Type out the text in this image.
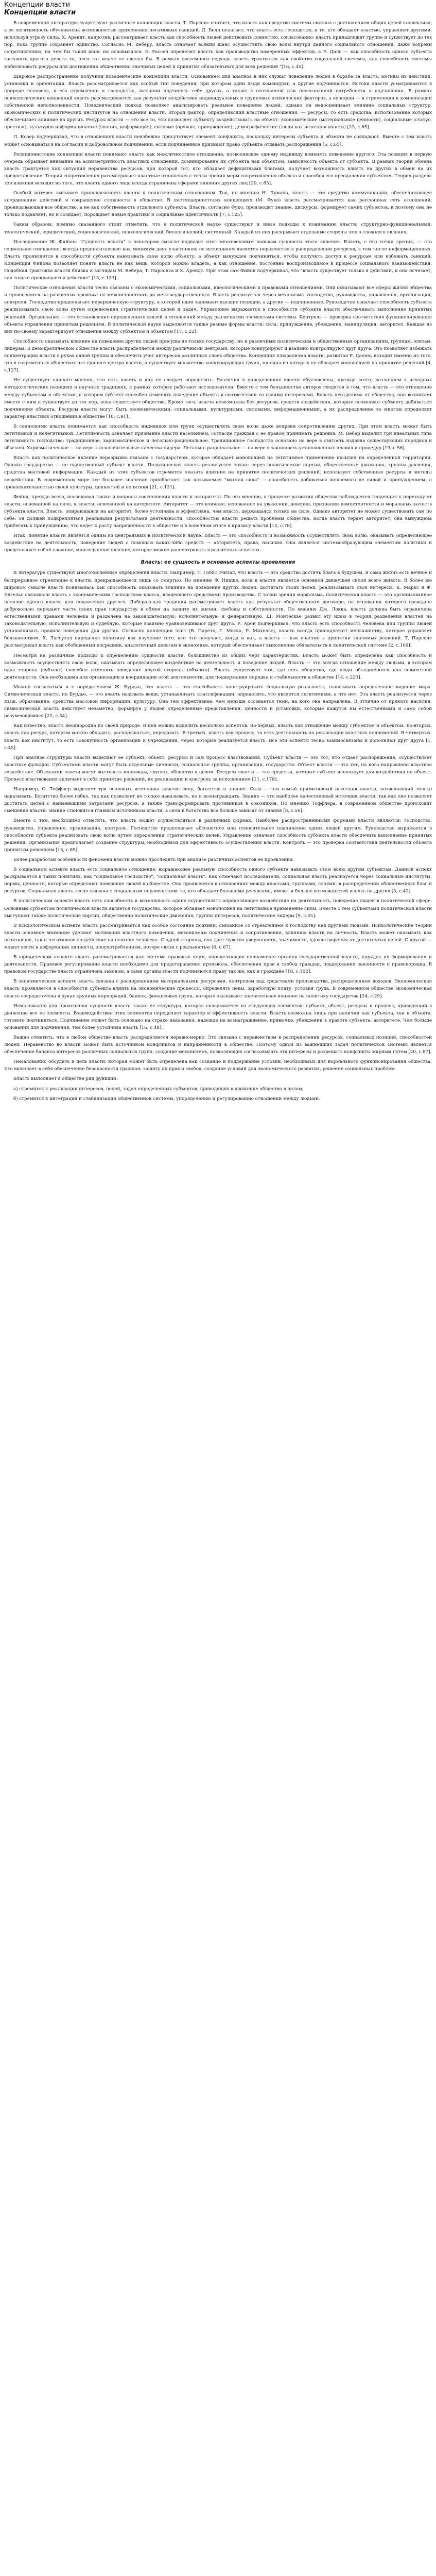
Концепции власти
Концепции власти

В современной литературе существуют различные концепции власти. Т. Парсонс считает, что власть как средство системы связана с достижением общих целей коллектива, а ее легитимность обусловлена возможностью применения негативных санкций. Д. Белл полагает, что власть есть господство, и те, кто обладает властью, управляют другими, используя угрозу силы. Х. Арендт, напротив, рассматривает власть как способность людей действовать совместно, согласованно; власть принадлежит группе и существует до тех пор, пока группа сохраняет единство. Согласно М. Веберу, власть означает всякий шанс осуществить свою волю внутри данного социального отношения, даже вопреки сопротивлению, на чем бы такой шанс ни основывался. Б. Рассел определял власть как производство намеренных эффектов, а Р. Даль — как способность одного субъекта заставить другого делать то, чего тот иначе не сделал бы. В рамках системного подхода власть трактуется как свойство социальной системы, как способность системы мобилизовать ресурсы для достижения общественно значимых целей и принятия обязательных для всех решений "[16, с.45].

Широкое распространение получили поведенческие концепции власти. Основанием для анализа в них служат поведение людей в борьбе за власть, мотивы их действий, установки и ориентации. Власть рассматривается как особый тип поведения, при котором одни люди командуют, а другие подчиняются. Истоки власти усматриваются в природе человека, в его стремлении к господству, желании подчинять себе других, а также в осознанной или неосознанной потребности в подчинении. В рамках психологических концепций власть рассматривается как результат воздействия индивидуальных и групповых психических факторов, а ее корни — в стремлении к компенсации собственной неполноценности. Поведенческий подход позволяет анализировать реальное поведение людей, однако он недооценивает влияние социальных структур, экономических и политических институтов на отношения власти. Второй фактор, определяющий властные отношения, — ресурсы, то есть средства, использование которых обеспечивает влияние на других. Ресурсы власти — это все то, что позволяет субъекту воздействовать на объект: экономические (материальные ценности), социальные (статус, престиж), культурно-информационные (знания, информация), силовые (оружие, принуждение), демографические (люди как источник власти) [23, с.85].

Л. Козер подчеркивал, что в отношениях власти неизбежно присутствует элемент конфликта, поскольку интересы субъекта и объекта не совпадают. Вместе с тем власть может основываться на согласии и добровольном подчинении, если подчиненные признают право субъекта отдавать распоряжения [5, с.65].

Реляционистские концепции власти понимают власть как межличностное отношение, позволяющее одному индивиду изменять поведение другого. Эта позиция в первую очередь обращает внимание на асимметричность властных отношений, доминирование их субъекта над объектом, зависимость объекта от субъекта. В рамках теории обмена власть трактуется как ситуация неравенства ресурсов, при которой тот, кто обладает дефицитными благами, получает возможность влиять на других в обмен на их предоставление. Теория сопротивления рассматривает властные отношения с точки зрения меры сопротивления объекта и способов его преодоления субъектом. Теория раздела зон влияния исходит из того, что власть одного лица всегда ограничена сферами влияния других лиц [20, с.85].

Особый интерес вызывает принадлежность власти к политическим отношениям. Так, по мнению Н. Лумана, власть — это средство коммуникации, обеспечивающее координацию действий и сокращение сложности в обществе. В постмодернистских концепциях (М. Фуко) власть рассматривается как рассеянная сеть отношений, пронизывающая все общество, а не как собственность отдельного субъекта. Власть, согласно Фуко, производит знание, дискурсы, формирует самих субъектов, и поэтому она не только подавляет, но и созидает, порождает новые практики и социальные идентичности [7, с.125].

Таким образом, помимо сказанного стоит отметить, что в политической науке существуют и иные подходы к пониманию власти: структурно-функциональный, теологический, юридический, социологический, психологический, биологический, системный. Каждый из них раскрывает отдельные стороны этого сложного явления.

Исследование Ж. Фийона "Сущность власти" в некотором смысле подводит итог многовековым поискам сущности этого явления. Власть, с его точки зрения, — это социальное отношение, всегда предполагающее как минимум двух участников; ее источником является неравенство в распределении ресурсов, в том числе информационных. Власть проявляется в способности субъекта навязывать свою волю объекту, а объект вынужден подчиняться, чтобы получить доступ к ресурсам или избежать санкций. Концепция Фийона позволяет понять власть не как вещь, которой можно владеть, а как отношение, постоянно воспроизводимое в процессе социального взаимодействия. Подобная трактовка власти близка к взглядам М. Вебера, Т. Парсонса и Х. Арендт. При этом сам Фийон подчеркивал, что "власть существует только в действии, и она исчезает, как только прекращается действие" [13, с.133].

Политические отношения власти тесно связаны с экономическими, социальными, идеологическими и правовыми отношениями. Они охватывают все сферы жизни общества и проявляются на различных уровнях: от межличностного до межгосударственного. Власть реализуется через механизмы господства, руководства, управления, организации, контроля. Господство предполагает иерархическую структуру, в которой одни занимают высшие позиции, а другие — подчиненные. Руководство означает способность субъекта реализовывать свою волю путем определения стратегических целей и задач. Управление выражается в способности субъекта власти обеспечивать выполнение принятых решений. Организация — это установление определенных связей и отношений между различными элементами системы. Контроль — проверка соответствия функционирования объекта управления принятым решениям. В политической науке выделяются также разные формы власти: сила, принуждение, убеждение, манипуляция, авторитет. Каждая из них по-своему характеризует отношения между субъектом и объектом [17, с.22].

Способность оказывать влияние на поведение других людей присуща не только государству, но и различным политическим и общественным организациям, группам, элитам, лидерам. В демократическом обществе власть распределяется между различными центрами, которые конкурируют и взаимно контролируют друг друга. Это позволяет избежать концентрации власти в руках одной группы и обеспечить учет интересов различных слоев общества. Концепция плюрализма власти, развитая Р. Далем, исходит именно из того, что в современных обществах нет единого центра власти, а существует множество конкурирующих групп, ни одна из которых не обладает монополией на принятие решений [4, с.127].

Не существует единого мнения, что есть власть и как ее следует определять. Различия в определениях власти обусловлены, прежде всего, различием в исходных методологических позициях и научных традициях, в рамках которых работают исследователи. Вместе с тем большинство авторов сходятся в том, что власть — это отношение между субъектом и объектом, в котором субъект способен изменять поведение объекта в соответствии со своими интересами. Власть неотделима от общества, она возникает вместе с ним и существует до тех пор, пока существует общество. Кроме того, власть невозможна без ресурсов, средств воздействия, которые позволяют субъекту добиваться подчинения объекта. Ресурсы власти могут быть экономическими, социальными, культурными, силовыми, информационными, а их распределение во многом определяет характер властных отношений в обществе [10, с.91].

В социологии власть понимается как способность индивидов или групп осуществлять свою волю даже вопреки сопротивлению других. При этом власть может быть легитимной и нелегитимной. Легитимность означает признание власти населением, согласие граждан с ее правом принимать решения. М. Вебер выделил три идеальных типа легитимного господства: традиционное, харизматическое и легально-рациональное. Традиционное господство основано на вере в святость издавна существующих порядков и обычаев. Харизматическое — на вере в исключительные качества лидера. Легально-рациональное — на вере в законность установленных правил и процедур [19, с.56].

Власть как политическое явление неразрывно связана с государством, которое обладает монополией на легитимное применение насилия на определенной территории. Однако государство — не единственный субъект власти. Политическая власть реализуется также через политические партии, общественные движения, группы давления, средства массовой информации. Каждый из этих субъектов стремится оказать влияние на принятие политических решений, использует собственные ресурсы и методы воздействия. В современном мире все большее значение приобретает так называемая "мягкая сила" — способность добиваться желаемого не силой и принуждением, а привлекательностью своей культуры, ценностей и политики [21, с.131].

Фейнд, прежде всего, исследовал также и вопросы соотношения власти и авторитета. По его мнению, в процессе развития общества наблюдается тенденция к переходу от власти, основанной на силе, к власти, основанной на авторитете. Авторитет — это влияние, основанное на уважении, доверии, признании компетентности и моральных качеств субъекта власти. Власть, опирающаяся на авторитет, более устойчива и эффективна, чем власть, держащаяся только на силе. Однако авторитет не может существовать сам по себе: он должен подкрепляться реальными результатами деятельности, способностью власти решать проблемы общества. Когда власть теряет авторитет, она вынуждена прибегать к принуждению, что ведет к росту напряженности в обществе и в конечном итоге к кризису власти [12, с.78].

Итак, понятие власти является одним из центральных в политической науке. Власть — это способность и возможность осуществлять свою волю, оказывать определяющее воздействие на деятельность, поведение людей с помощью каких-либо средств — авторитета, права, насилия. Она является системообразующим элементом политики и представляет собой сложное, многогранное явление, которое можно рассматривать в различных аспектах.

Власть: ее сущность и основные аспекты проявления

В литературе существуют многочисленные определения власти. Например, Т. Гоббс считал, что власть — это средство достичь блага в будущем, и сама жизнь есть вечное и беспрерывное стремление к власти, прекращающееся лишь со смертью. По мнению Ф. Ницше, воля к власти является основной движущей силой всего живого. В более же широком смысле власть понималась как способность оказывать влияние на поведение других людей, достигать своих целей, реализовывать свои интересы. К. Маркс и Ф. Энгельс связывали власть с экономическим господством класса, владеющего средствами производства. С точки зрения марксизма, политическая власть — это организованное насилие одного класса для подавления другого. Либеральная традиция рассматривает власть как результат общественного договора, на основании которого граждане добровольно передают часть своих прав государству в обмен на защиту их жизни, свободы и собственности. По мнению Дж. Локка, власть должна быть ограничена естественными правами человека и разделена на законодательную, исполнительную и федеративную. Ш. Монтескье развил эту идею в теории разделения властей на законодательную, исполнительную и судебную, которые взаимно уравновешивают друг друга. Р. Арон подчеркивал, что власть есть способность человека или группы людей устанавливать правила поведения для других. Согласно концепции элит (В. Парето, Г. Моска, Р. Михельс), власть всегда принадлежит меньшинству, которое управляет большинством. Х. Лассуэлл определял политику как изучение того, кто что получает, когда и как, а власть — как участие в принятии значимых решений. Т. Парсонс рассматривал власть как обобщенный посредник, аналогичный деньгам в экономике, который обеспечивает выполнение обязательств в политической системе [2, с.109].

Несмотря на различные подходы к определению сущности власти, большинство из общих черт характеристик. Власть может быть определена как способность и возможность осуществлять свою волю, оказывать определяющее воздействие на деятельность и поведение людей. Власть — это всегда отношение между людьми, в котором одна сторона (субъект) способна изменять поведение другой стороны (объекта). Власть существует там, где есть общество, где люди объединяются для совместной деятельности. Она необходима для организации и координации этой деятельности, для поддержания порядка и стабильности в обществе [14, с.223].

Можно согласиться и с определением Ж. Бурдье, что власть — это способность конструировать социальную реальность, навязывать определенное видение мира. Символическая власть, по Бурдье, — это власть называть вещи, устанавливать классификации, определять, что является легитимным, а что нет. Эта власть реализуется через язык, образование, средства массовой информации, культуру. Она тем эффективнее, чем меньше осознается теми, на кого она направлена. В отличие от прямого насилия, символическая власть действует незаметно, формируя у людей определенные представления, ценности и установки, которые кажутся им естественными и само собой разумеющимися [22, с.34].

Как известно, власть неоднородна по своей природе. В ней можно выделить несколько аспектов. Во-первых, власть как отношение между субъектом и объектом. Во-вторых, власть как ресурс, которым можно обладать, распоряжаться, передавать. В-третьих, власть как процесс, то есть деятельность по реализации властных полномочий. В-четвертых, власть как институт, то есть совокупность организаций и учреждений, через которые реализуется власть. Все эти аспекты тесно взаимосвязаны и дополняют друг друга [1, с.45].

При анализе структуры власти выделяют ее субъект, объект, ресурсы и сам процесс властвования. Субъект власти — это тот, кто отдает распоряжения, осуществляет властные функции. Субъектами власти могут быть отдельные личности, социальные группы, организации, государство. Объект власти — это тот, на кого направлено властное воздействие. Объектами власти могут выступать индивиды, группы, общество в целом. Ресурсы власти — это средства, которые субъект использует для воздействия на объект. Процесс властвования включает в себя принятие решений, их реализацию и контроль за исполнением [11, с.178].

Например, О. Тоффлер выделяет три основных источника власти: силу, богатство и знание. Сила — это самый примитивный источник власти, позволяющий только наказывать. Богатство более гибко, так как позволяет не только наказывать, но и вознаграждать. Знание — это наиболее качественный источник власти, так как оно позволяет достигать целей с наименьшими затратами ресурсов, а также трансформировать противников в союзников. По мнению Тоффлера, в современном обществе происходит смещение власти: знание становится главным источником власти, а сила и богатство все больше зависят от знания [8, с.56].

Вместе с тем, необходимо отметить, что власть может осуществляться в различных формах. Наиболее распространенными формами власти являются: господство, руководство, управление, организация, контроль. Господство предполагает абсолютное или относительное подчинение одних людей другим. Руководство выражается в способности субъекта реализовать свою волю путем определения стратегических целей. Управление означает способность субъекта власти обеспечить выполнение принятых решений. Организация предполагает создание структуры, необходимой для эффективного осуществления власти. Контроль — это проверка соответствия деятельности объекта принятым решениям [15, с.89].

Более разработан особенности феномена власти можно проследить при анализе различных аспектов ее проявления.

В социальном аспекте власть есть социальное отношение, выражающее реальную способность одного субъекта навязывать свою волю другим субъектам. Данный аспект раскрывается в таких понятиях, как "социальное господство", "социальная власть". Как отмечают исследователи, социальная власть реализуется через социальные институты, нормы, ценности, которые определяют поведение людей в обществе. Она проявляется в отношениях между классами, группами, слоями, в распределении общественных благ и ресурсов. Социальная власть тесно связана с социальным неравенством: те, кто обладает большими ресурсами, имеют и больше возможностей влиять на других [3, с.42].

В политическом аспекте власть есть способность и возможность одних осуществлять определяющее воздействие на деятельность, поведение людей в политической сфере. Основным субъектом политической власти является государство, которое обладает монополией на легитимное применение силы. Вместе с тем субъектами политической власти выступают также политические партии, общественно-политические движения, группы интересов, политические лидеры [9, с.35].

В психологическом аспекте власть рассматривается как особое состояние психики, связанное со стремлением к господству над другими людьми. Психологические теории власти основное внимание уделяют мотивации властного поведения, механизмам подчинения и сопротивления, влиянию власти на личность. Власть может оказывать как позитивное, так и негативное воздействие на психику человека. С одной стороны, она дает чувство уверенности, значимости, удовлетворения от достигнутых целей. С другой — может вести к деформации личности, злоупотреблениям, потере связи с реальностью [6, с.67].

В юридическом аспекте власть рассматривается как система правовых норм, определяющих полномочия органов государственной власти, порядок их формирования и деятельности. Правовое регулирование власти необходимо для предотвращения произвола, обеспечения прав и свобод граждан, поддержания законности и правопорядка. В правовом государстве власть ограничена законом, а сами органы власти подчиняются праву так же, как и граждане [18, с.102].

В экономическом аспекте власть связана с распоряжением материальными ресурсами, контролем над средствами производства, распределением доходов. Экономическая власть проявляется в способности субъекта влиять на экономические процессы, определять цены, заработную плату, условия труда. В современном обществе экономическая власть сосредоточена в руках крупных корпораций, банков, финансовых групп, которые оказывают значительное влияние на политику государства [24, с.29].

Немаловажно для прояснения сущности власти также ее структура, которая складывается из следующих элементов: субъект, объект, ресурсы и процесс, приводящий в движение все ее элементы. Взаимодействие этих элементов определяет характер и эффективность власти. Власть возможна лишь при наличии как субъекта, так и объекта, готового подчиниться. Подчинение может быть основано на страхе наказания, надежде на вознаграждение, привычке, убеждении в правоте субъекта, авторитете. Чем больше оснований для подчинения, тем более устойчива власть [16, с.48].

Важно отметить, что в любом обществе власть распределяется неравномерно. Это связано с неравенством в распределении ресурсов, социальных позиций, способностей людей. Неравенство во власти может быть источником конфликтов и напряженности в обществе. Поэтому одной из важнейших задач политической системы является обеспечение баланса интересов различных социальных групп, создание механизмов, позволяющих согласовывать эти интересы и разрешать конфликты мирным путем [20, с.87].

Немаловажно обсудить и цель власти, которая может быть определена как создание и поддержание условий, необходимых для нормального функционирования общества. Это включает в себя обеспечение безопасности граждан, защиту их прав и свобод, создание условий для экономического развития, решение социальных проблем.

Власть выполняет в обществе ряд функций:

а) стремится к реализации интересов, целей, задач определенных субъектов, приводящих в движение общество в целом;

б) стремится к интеграции и стабилизации общественной системы, упорядочению и регулированию отношений между людьми.
